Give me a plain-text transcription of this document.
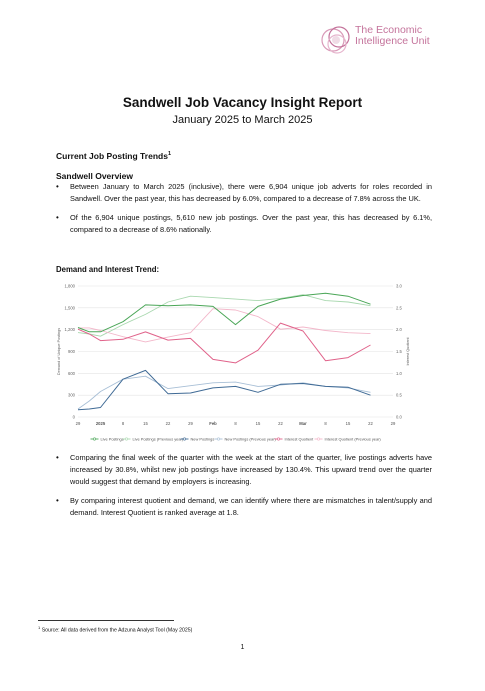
The Economic
Intelligence Unit
Sandwell Job Vacancy Insight Report
January 2025 to March 2025
Current Job Posting Trends$^1$
Sandwell Overview
• Between January to March 2025 (inclusive), there were 6,904 unique job adverts for roles recorded in Sandwell. Over the past year, this has decreased by 6.0%, compared to a decrease of 7.8% across the UK.
• Of the 6,904 unique postings, 5,610 new job postings. Over the past year, this has decreased by 6.1%, compared to a decrease of 8.6% nationally.
Demand and Interest Trend:
0
300
600
900
1,200
1,500
1,800
0.0
0.5
1.0
1.5
2.0
2.5
3.0
29	2025	8	15	22	29	Feb	8	15	22	Mar	8	15	22	29
Demand of Unique Postings	Interest Quotient
Live Postings Live Postings (Previous year) New Postings	New Postings (Previous year) Interest Quotient	Interest Quotient (Previous year)
• Comparing the final week of the quarter with the week at the start of the quarter, live postings adverts have increased by 30.8%, whilst new job postings have increased by 130.4%. This upward trend over the quarter would suggest that demand by employers is increasing.
• By comparing interest quotient and demand, we can identify where there are mismatches in talent/supply and demand. Interest Quotient is ranked average at 1.8.
$^1$ Source: All data derived from the Adzuna Analyst Tool (May 2025)
1
